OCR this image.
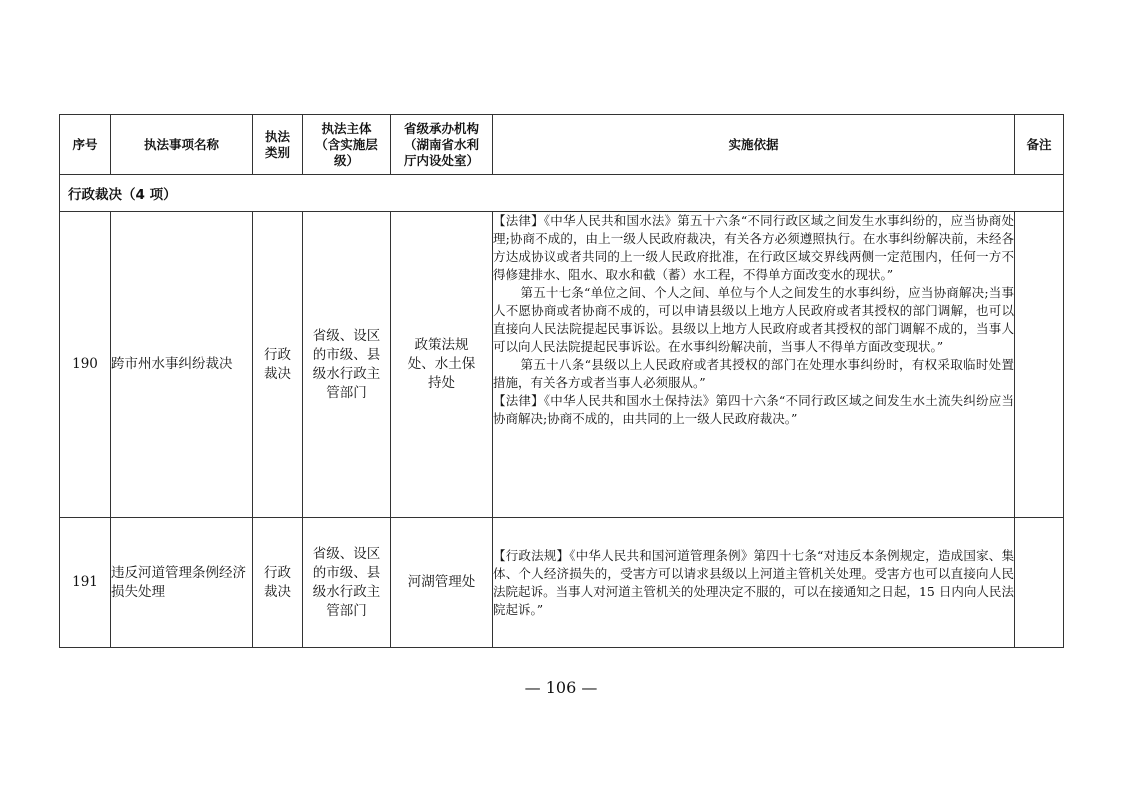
序号	执法事项名称	执法类别	执法主体（含实施层级）	省级承办机构（湖南省水利厅内设处室）	实施依据	备注
行政裁决（4 项）						
190	跨市州水事纠纷裁决	行政裁决	省级、设区的市级、县级水行政主管部门	政策法规处、水土保持处	【法律】《中华人民共和国水法》第五十六条“不同行政区域之间发生水事纠纷的，应当协商处理;协商不成的，由上一级人民政府裁决，有关各方必须遵照执行。在水事纠纷解决前，未经各方达成协议或者共同的上一级人民政府批准，在行政区域交界线两侧一定范围内，任何一方不得修建排水、阻水、取水和截（蓄）水工程，不得单方面改变水的现状。”

第五十七条“单位之间、个人之间、单位与个人之间发生的水事纠纷，应当协商解决;当事人不愿协商或者协商不成的，可以申请县级以上地方人民政府或者其授权的部门调解，也可以直接向人民法院提起民事诉讼。县级以上地方人民政府或者其授权的部门调解不成的，当事人可以向人民法院提起民事诉讼。在水事纠纷解决前，当事人不得单方面改变现状。”

第五十八条“县级以上人民政府或者其授权的部门在处理水事纠纷时，有权采取临时处置措施，有关各方或者当事人必须服从。”

【法律】《中华人民共和国水土保持法》第四十六条“不同行政区域之间发生水土流失纠纷应当协商解决;协商不成的，由共同的上一级人民政府裁决。”	

191	违反河道管理条例经济损失处理	行政裁决	省级、设区的市级、县级水行政主管部门	河湖管理处	【行政法规】《中华人民共和国河道管理条例》第四十七条“对违反本条例规定，造成国家、集体、个人经济损失的，受害方可以请求县级以上河道主管机关处理。受害方也可以直接向人民法院起诉。当事人对河道主管机关的处理决定不服的，可以在接通知之日起，15 日内向人民法院起诉。”	

— 106 —
